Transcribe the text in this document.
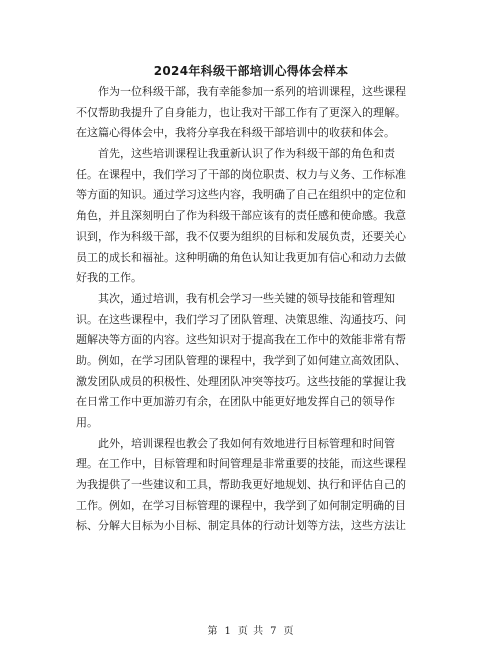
2024年科级干部培训心得体会样本
作为一位科级干部，我有幸能参加一系列的培训课程，这些课程
不仅帮助我提升了自身能力，也让我对干部工作有了更深入的理解。
在这篇心得体会中，我将分享我在科级干部培训中的收获和体会。
首先，这些培训课程让我重新认识了作为科级干部的角色和责
任。在课程中，我们学习了干部的岗位职责、权力与义务、工作标准
等方面的知识。通过学习这些内容，我明确了自己在组织中的定位和
角色，并且深刻明白了作为科级干部应该有的责任感和使命感。我意
识到，作为科级干部，我不仅要为组织的目标和发展负责，还要关心
员工的成长和福祉。这种明确的角色认知让我更加有信心和动力去做
好我的工作。
其次，通过培训，我有机会学习一些关键的领导技能和管理知
识。在这些课程中，我们学习了团队管理、决策思维、沟通技巧、问
题解决等方面的内容。这些知识对于提高我在工作中的效能非常有帮
助。例如，在学习团队管理的课程中，我学到了如何建立高效团队、
激发团队成员的积极性、处理团队冲突等技巧。这些技能的掌握让我
在日常工作中更加游刃有余，在团队中能更好地发挥自己的领导作
用。
此外，培训课程也教会了我如何有效地进行目标管理和时间管
理。在工作中，目标管理和时间管理是非常重要的技能，而这些课程
为我提供了一些建议和工具，帮助我更好地规划、执行和评估自己的
工作。例如，在学习目标管理的课程中，我学到了如何制定明确的目
标、分解大目标为小目标、制定具体的行动计划等方法，这些方法让
第 1 页 共 7 页
